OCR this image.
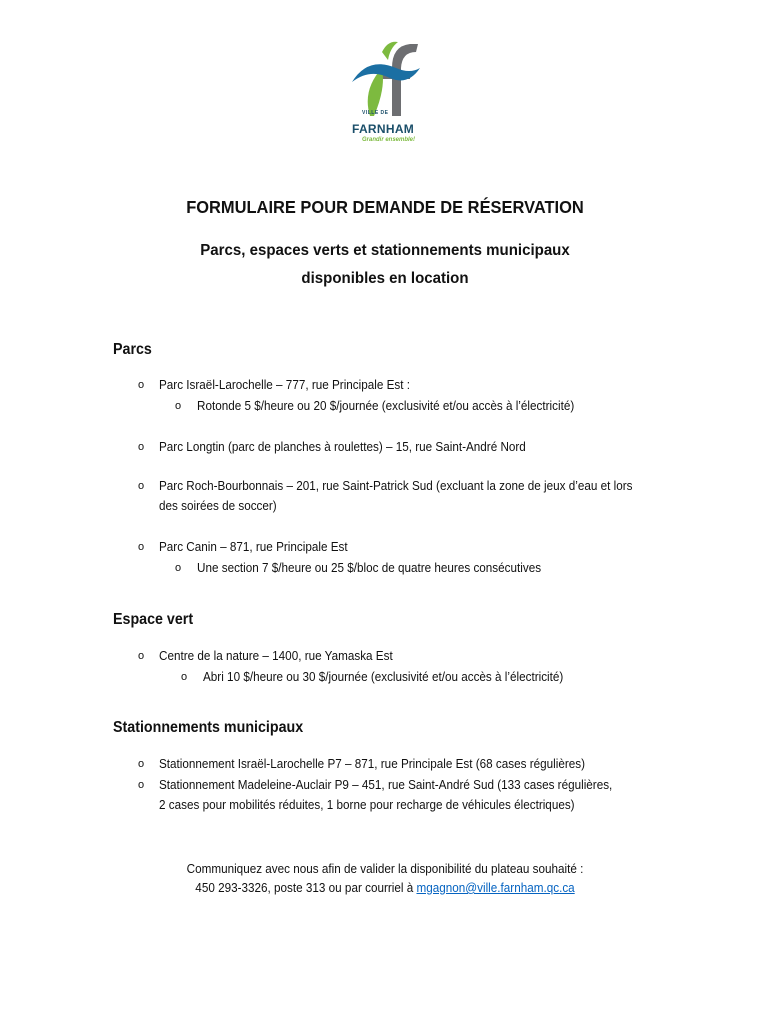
VILLE DE
FARNHAM
Grandir ensemble!
FORMULAIRE POUR DEMANDE DE RÉSERVATION
Parcs, espaces verts et stationnements municipaux
disponibles en location
Parcs
o Parc Israël-Larochelle – 777, rue Principale Est :
o Rotonde 5 $/heure ou 20 $/journée (exclusivité et/ou accès à l’électricité)
o Parc Longtin (parc de planches à roulettes) – 15, rue Saint-André Nord
o Parc Roch-Bourbonnais – 201, rue Saint-Patrick Sud (excluant la zone de jeux d’eau et lors
des soirées de soccer)
o Parc Canin – 871, rue Principale Est
o Une section 7 $/heure ou 25 $/bloc de quatre heures consécutives
Espace vert
o Centre de la nature – 1400, rue Yamaska Est
o Abri 10 $/heure ou 30 $/journée (exclusivité et/ou accès à l’électricité)
Stationnements municipaux
o Stationnement Israël-Larochelle P7 – 871, rue Principale Est (68 cases régulières)
o Stationnement Madeleine-Auclair P9 – 451, rue Saint-André Sud (133 cases régulières,
2 cases pour mobilités réduites, 1 borne pour recharge de véhicules électriques)
Communiquez avec nous afin de valider la disponibilité du plateau souhaité :
450 293-3326, poste 313 ou par courriel à mgagnon@ville.farnham.qc.ca
